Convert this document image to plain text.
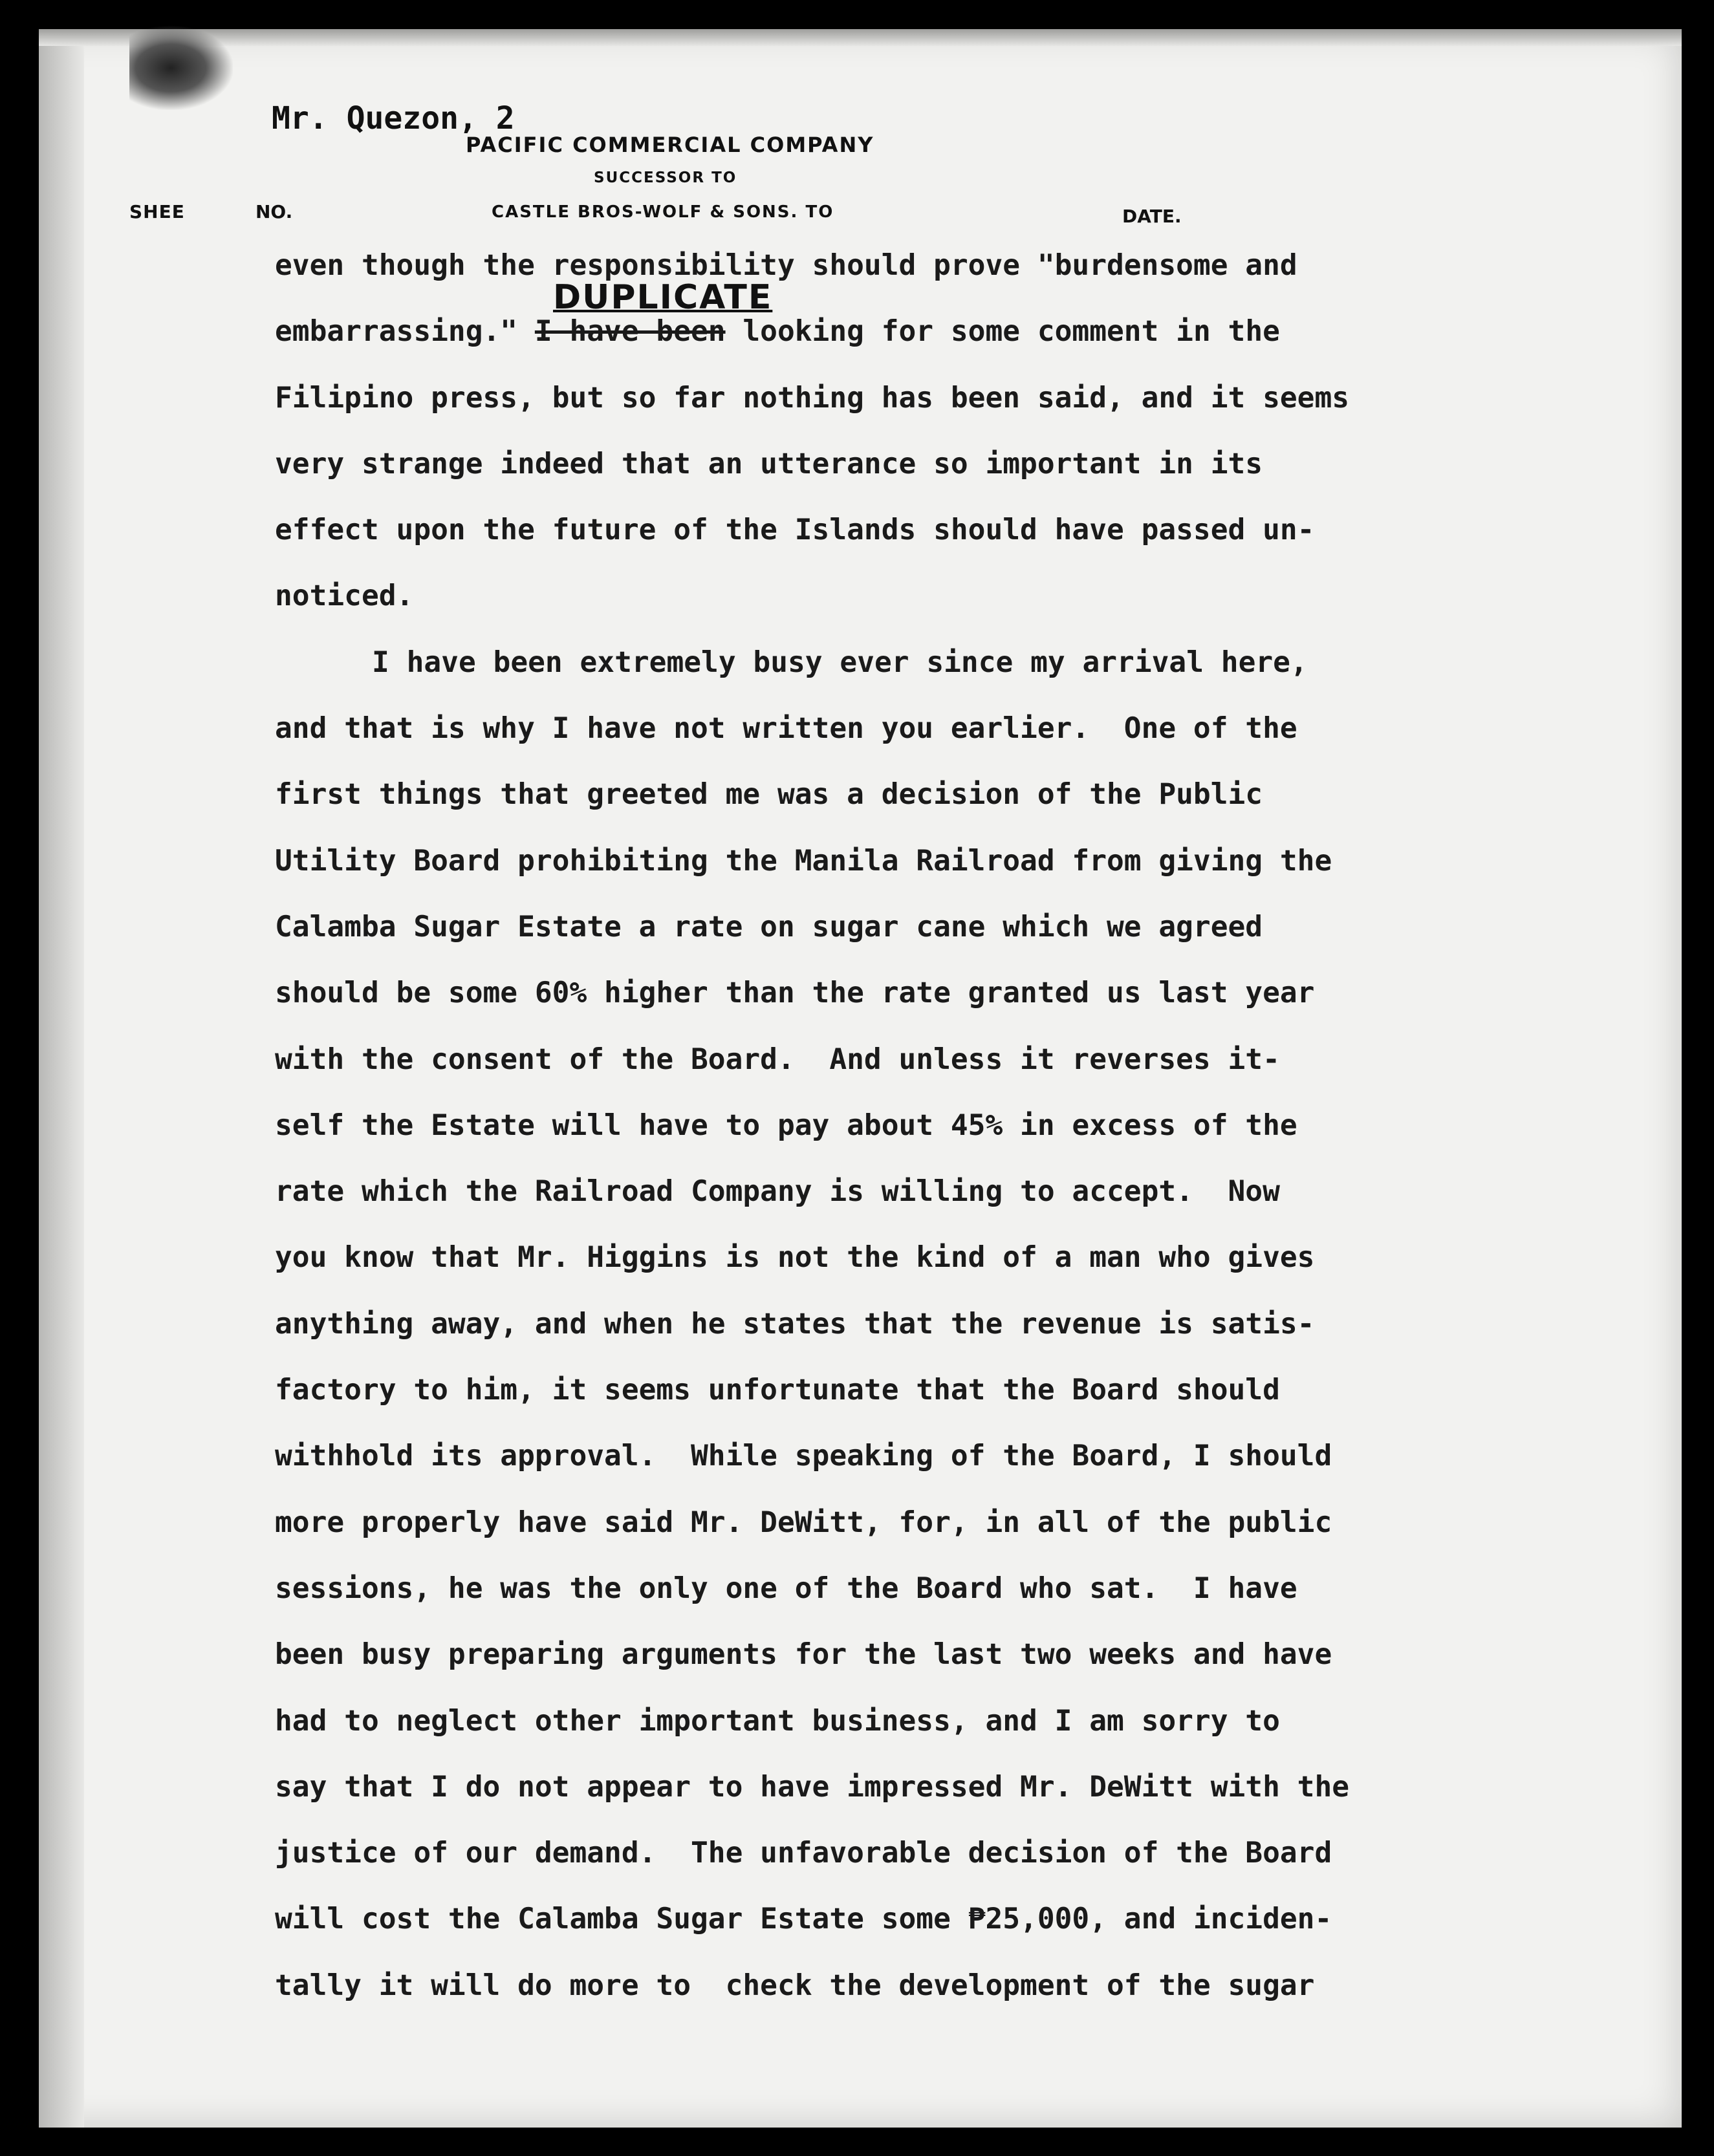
Mr. Quezon, 2
PACIFIC COMMERCIAL COMPANY
SUCCESSOR TO
CASTLE BROS-WOLF & SONS. TO
SHEE	NO.	DATE.
DUPLICATE
even though the responsibility should prove "burdensome and
embarrassing." I have been looking for some comment in the
Filipino press, but so far nothing has been said, and it seems
very strange indeed that an utterance so important in its
effect upon the future of the Islands should have passed un-
noticed.
I have been extremely busy ever since my arrival here,
and that is why I have not written you earlier.  One of the
first things that greeted me was a decision of the Public
Utility Board prohibiting the Manila Railroad from giving the
Calamba Sugar Estate a rate on sugar cane which we agreed
should be some 60% higher than the rate granted us last year
with the consent of the Board.  And unless it reverses it-
self the Estate will have to pay about 45% in excess of the
rate which the Railroad Company is willing to accept.  Now
you know that Mr. Higgins is not the kind of a man who gives
anything away, and when he states that the revenue is satis-
factory to him, it seems unfortunate that the Board should
withhold its approval.  While speaking of the Board, I should
more properly have said Mr. DeWitt, for, in all of the public
sessions, he was the only one of the Board who sat.  I have
been busy preparing arguments for the last two weeks and have
had to neglect other important business, and I am sorry to
say that I do not appear to have impressed Mr. DeWitt with the
justice of our demand.  The unfavorable decision of the Board
will cost the Calamba Sugar Estate some ₱25,000, and inciden-
tally it will do more to  check the development of the sugar
